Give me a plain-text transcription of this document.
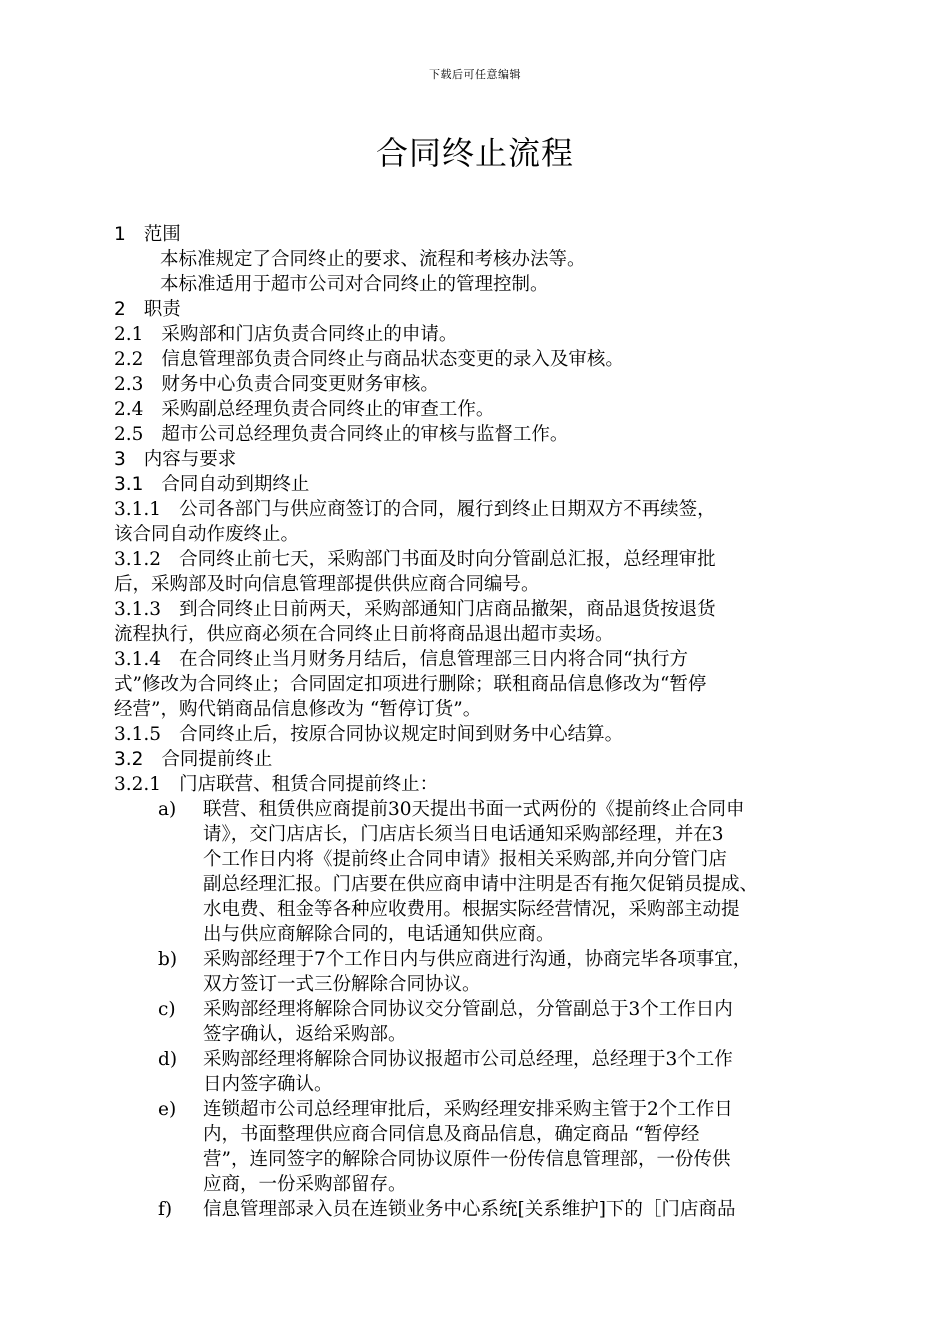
下载后可任意编辑
合同终止流程
1 范围
本标准规定了合同终止的要求、流程和考核办法等。
本标准适用于超市公司对合同终止的管理控制。
2 职责
2.1 采购部和门店负责合同终止的申请。
2.2 信息管理部负责合同终止与商品状态变更的录入及审核。
2.3 财务中心负责合同变更财务审核。
2.4 采购副总经理负责合同终止的审查工作。
2.5 超市公司总经理负责合同终止的审核与监督工作。
3 内容与要求
3.1 合同自动到期终止
3.1.1 公司各部门与供应商签订的合同，履行到终止日期双方不再续签，
该合同自动作废终止。
3.1.2 合同终止前七天，采购部门书面及时向分管副总汇报，总经理审批
后，采购部及时向信息管理部提供供应商合同编号。
3.1.3 到合同终止日前两天，采购部通知门店商品撤架，商品退货按退货
流程执行，供应商必须在合同终止日前将商品退出超市卖场。
3.1.4 在合同终止当月财务月结后，信息管理部三日内将合同“执行方
式”修改为合同终止；合同固定扣项进行删除；联租商品信息修改为“暂停
经营”，购代销商品信息修改为 “暂停订货”。
3.1.5 合同终止后，按原合同协议规定时间到财务中心结算。
3.2 合同提前终止
3.2.1 门店联营、租赁合同提前终止：
a) 联营、租赁供应商提前30天提出书面一式两份的《提前终止合同申
请》，交门店店长，门店店长须当日电话通知采购部经理，并在3
个工作日内将《提前终止合同申请》报相关采购部,并向分管门店
副总经理汇报。门店要在供应商申请中注明是否有拖欠促销员提成、
水电费、租金等各种应收费用。根据实际经营情况，采购部主动提
出与供应商解除合同的，电话通知供应商。
b) 采购部经理于7个工作日内与供应商进行沟通，协商完毕各项事宜，
双方签订一式三份解除合同协议。
c) 采购部经理将解除合同协议交分管副总，分管副总于3个工作日内
签字确认，返给采购部。
d) 采购部经理将解除合同协议报超市公司总经理，总经理于3个工作
日内签字确认。
e) 连锁超市公司总经理审批后，采购经理安排采购主管于2个工作日
内，书面整理供应商合同信息及商品信息，确定商品 “暂停经
营”，连同签字的解除合同协议原件一份传信息管理部，一份传供
应商，一份采购部留存。
f) 信息管理部录入员在连锁业务中心系统[关系维护]下的［门店商品
